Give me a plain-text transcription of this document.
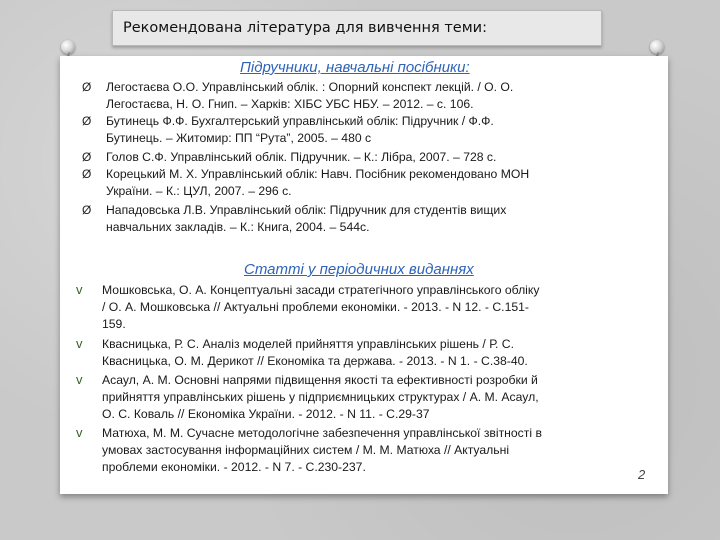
Рекомендована література для вивчення теми:
Підручники, навчальні посібники:
Ø Легостаєва О.О. Управлінський облік. : Опорний конспект лекцій. / О. О.
Легостаєва, Н. О. Гнип. – Харків: ХІБС УБС НБУ. – 2012. – с. 106.
Ø Бутинець Ф.Ф. Бухгалтерський управлінський облік: Підручник / Ф.Ф.
Бутинець. – Житомир: ПП “Рута”, 2005. – 480 с
Ø Голов С.Ф. Управлінський облік. Підручник. – К.: Лібра, 2007. – 728 с.
Ø Корецький М. Х. Управлінський облік: Навч. Посібник рекомендовано МОН
України. – К.: ЦУЛ, 2007. – 296 с.
Ø Нападовська Л.В. Управлінський облік: Підручник для студентів вищих
навчальних закладів. – К.: Книга, 2004. – 544с.
Статті у періодичних виданнях
v Мошковська, О. А. Концептуальні засади стратегічного управлінського обліку
/ О. А. Мошковська // Актуальні проблеми економіки. - 2013. - N 12. - С.151-
159.
v Квасницька, Р. С. Аналіз моделей прийняття управлінських рішень / Р. С.
Квасницька, О. М. Дерикот // Економіка та держава. - 2013. - N 1. - С.38-40.
v Асаул, А. М. Основні напрями підвищення якості та ефективності розробки й
прийняття управлінських рішень у підприємницьких структурах / А. М. Асаул,
О. С. Коваль // Економіка України. - 2012. - N 11. - С.29-37
v Матюха, М. М. Сучасне методологічне забезпечення управлінської звітності в
умовах застосування інформаційних систем / М. М. Матюха // Актуальні
проблеми економіки. - 2012. - N 7. - С.230-237.
2
